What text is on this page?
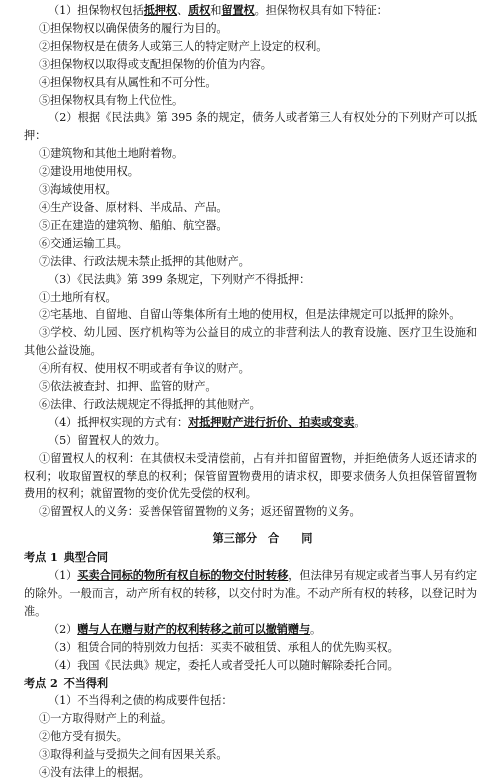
（1）担保物权包括抵押权、质权和留置权。担保物权具有如下特征：
①担保物权以确保债务的履行为目的。
②担保物权是在债务人或第三人的特定财产上设定的权利。
③担保物权以取得或支配担保物的价值为内容。
④担保物权具有从属性和不可分性。
⑤担保物权具有物上代位性。
（2）根据《民法典》第 395 条的规定，债务人或者第三人有权处分的下列财产可以抵押：
①建筑物和其他土地附着物。
②建设用地使用权。
③海域使用权。
④生产设备、原材料、半成品、产品。
⑤正在建造的建筑物、船舶、航空器。
⑥交通运输工具。
⑦法律、行政法规未禁止抵押的其他财产。
（3）《民法典》第 399 条规定，下列财产不得抵押：
①土地所有权。
②宅基地、自留地、自留山等集体所有土地的使用权，但是法律规定可以抵押的除外。
③学校、幼儿园、医疗机构等为公益目的成立的非营利法人的教育设施、医疗卫生设施和其他公益设施。
④所有权、使用权不明或者有争议的财产。
⑤依法被查封、扣押、监管的财产。
⑥法律、行政法规规定不得抵押的其他财产。
（4）抵押权实现的方式有：对抵押财产进行折价、拍卖或变卖。
（5）留置权人的效力。
①留置权人的权利：在其债权未受清偿前，占有并扣留留置物，并拒绝债务人返还请求的权利；收取留置权的孳息的权利；保管留置物费用的请求权，即要求债务人负担保管留置物费用的权利；就留置物的变价优先受偿的权利。
②留置权人的义务：妥善保管留置物的义务；返还留置物的义务。
第三部分　合　　同
考点 1 典型合同
（1）买卖合同标的物所有权自标的物交付时转移，但法律另有规定或者当事人另有约定的除外。一般而言，动产所有权的转移，以交付时为准。不动产所有权的转移，以登记时为准。
（2）赠与人在赠与财产的权利转移之前可以撤销赠与。
（3）租赁合同的特别效力包括：买卖不破租赁、承租人的优先购买权。
（4）我国《民法典》规定，委托人或者受托人可以随时解除委托合同。
考点 2 不当得利
（1）不当得利之债的构成要件包括：
①一方取得财产上的利益。
②他方受有损失。
③取得利益与受损失之间有因果关系。
④没有法律上的根据。
